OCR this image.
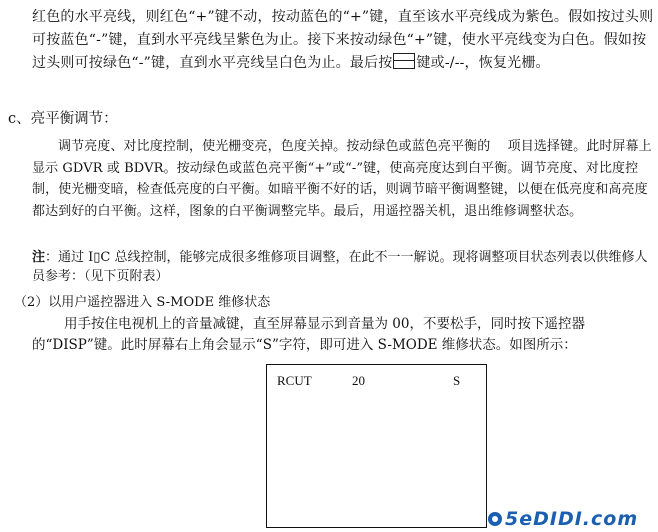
红色的水平亮线，则红色“+”键不动，按动蓝色的“+”键，直至该水平亮线成为紫色。假如按过头则可按蓝色“-”键，直到水平亮线呈紫色为止。接下来按动绿色“+”键，使水平亮线变为白色。假如按过头则可按绿色“-”键，直到水平亮线呈白色为止。最后按 键或-/--，恢复光栅。
c、亮平衡调节：
调节亮度、对比度控制，使光栅变亮，色度关掉。按动绿色或蓝色亮平衡的　 项目选择键。此时屏幕上显示 GDVR 或 BDVR。按动绿色或蓝色亮平衡“+”或“-”键，使高亮度达到白平衡。调节亮度、对比度控制，使光栅变暗，检查低亮度的白平衡。如暗平衡不好的话，则调节暗平衡调整键，以便在低亮度和高亮度都达到好的白平衡。这样，图象的白平衡调整完毕。最后，用遥控器关机，退出维修调整状态。
注：通过 I▯C 总线控制，能够完成很多维修项目调整，在此不一一解说。现将调整项目状态列表以供维修人员参考：（见下页附表）
（2）以用户遥控器进入 S-MODE 维修状态
用手按住电视机上的音量减键，直至屏幕显示到音量为 00，不要松手，同时按下遥控器的“DISP”键。此时屏幕右上角会显示“S”字符，即可进入 S-MODE 维修状态。如图所示：
RCUT	20	S
5eDIDI.com
